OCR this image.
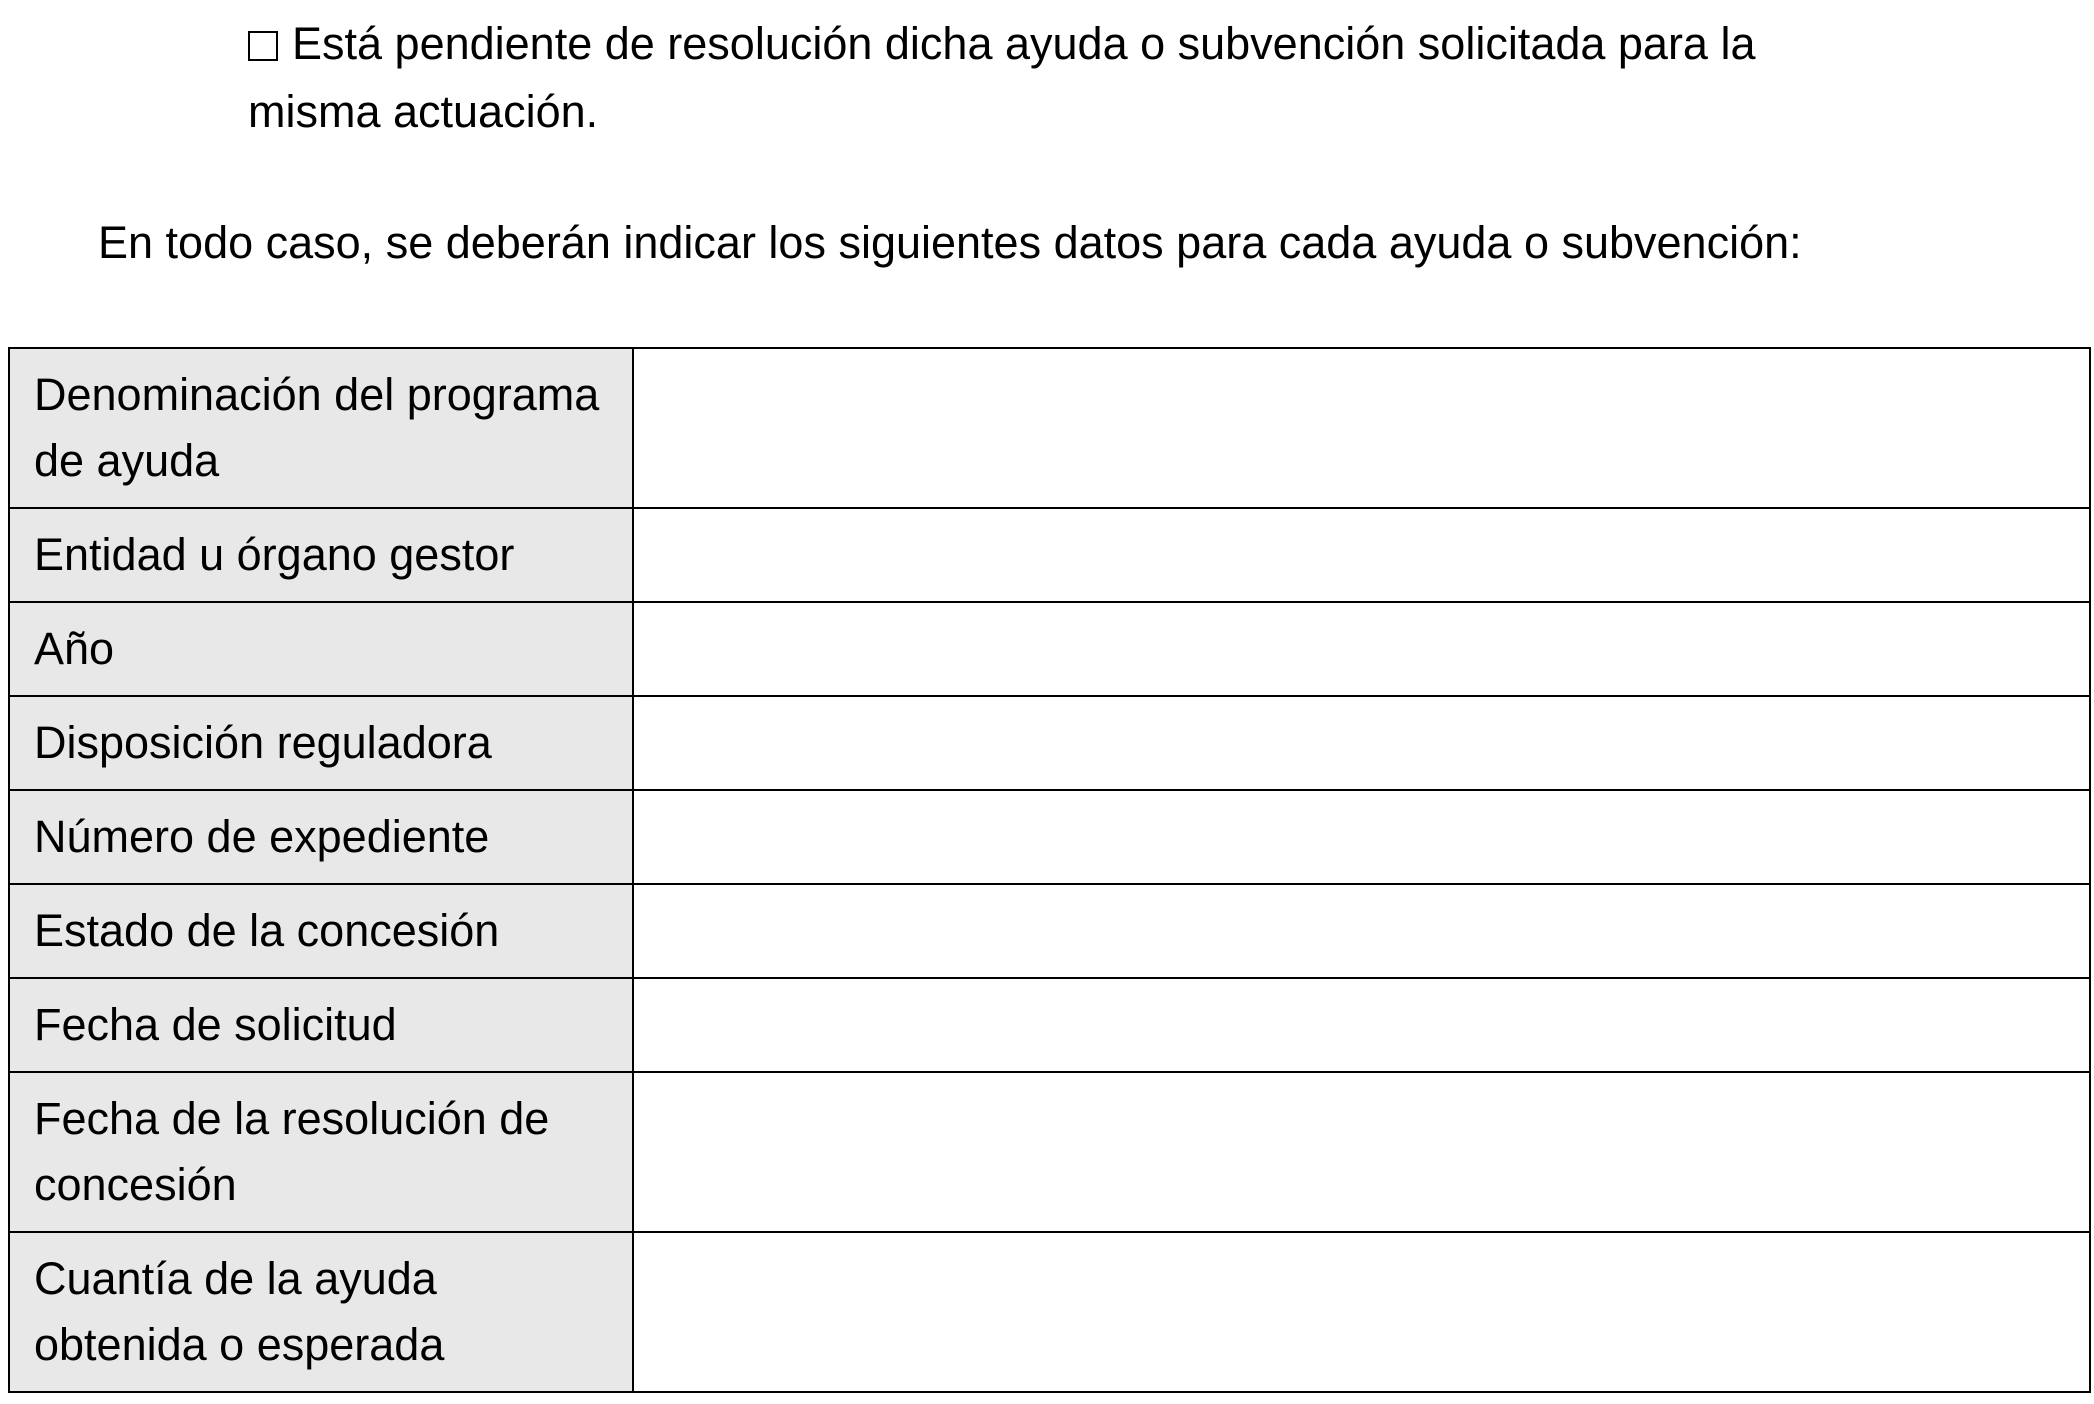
Está pendiente de resolución dicha ayuda o subvención solicitada para la misma actuación.
En todo caso, se deberán indicar los siguientes datos para cada ayuda o subvención:
Denominación del programa de ayuda	
Entidad u órgano gestor	
Año	
Disposición reguladora	
Número de expediente	
Estado de la concesión	
Fecha de solicitud	
Fecha de la resolución de concesión	
Cuantía de la ayuda obtenida o esperada	
